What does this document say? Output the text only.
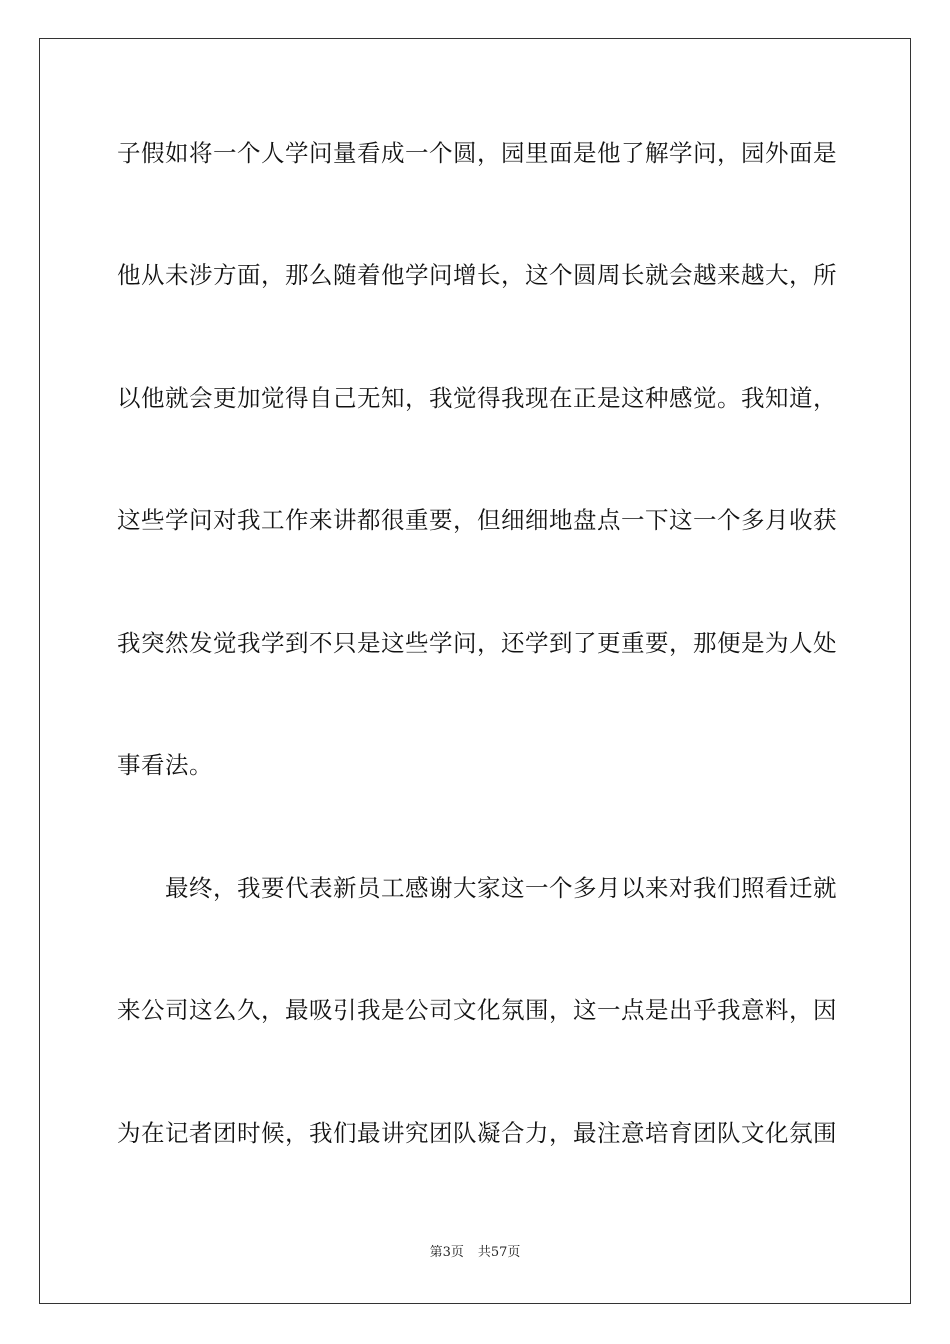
子假如将一个人学问量看成一个圆，园里面是他了解学问，园外面是
他从未涉方面，那么随着他学问增长，这个圆周长就会越来越大，所
以他就会更加觉得自己无知，我觉得我现在正是这种感觉。我知道，
这些学问对我工作来讲都很重要，但细细地盘点一下这一个多月收获
我突然发觉我学到不只是这些学问，还学到了更重要，那便是为人处
事看法。
最终，我要代表新员工感谢大家这一个多月以来对我们照看迁就
来公司这么久，最吸引我是公司文化氛围，这一点是出乎我意料，因
为在记者团时候，我们最讲究团队凝合力，最注意培育团队文化氛围
第3页 共57页
